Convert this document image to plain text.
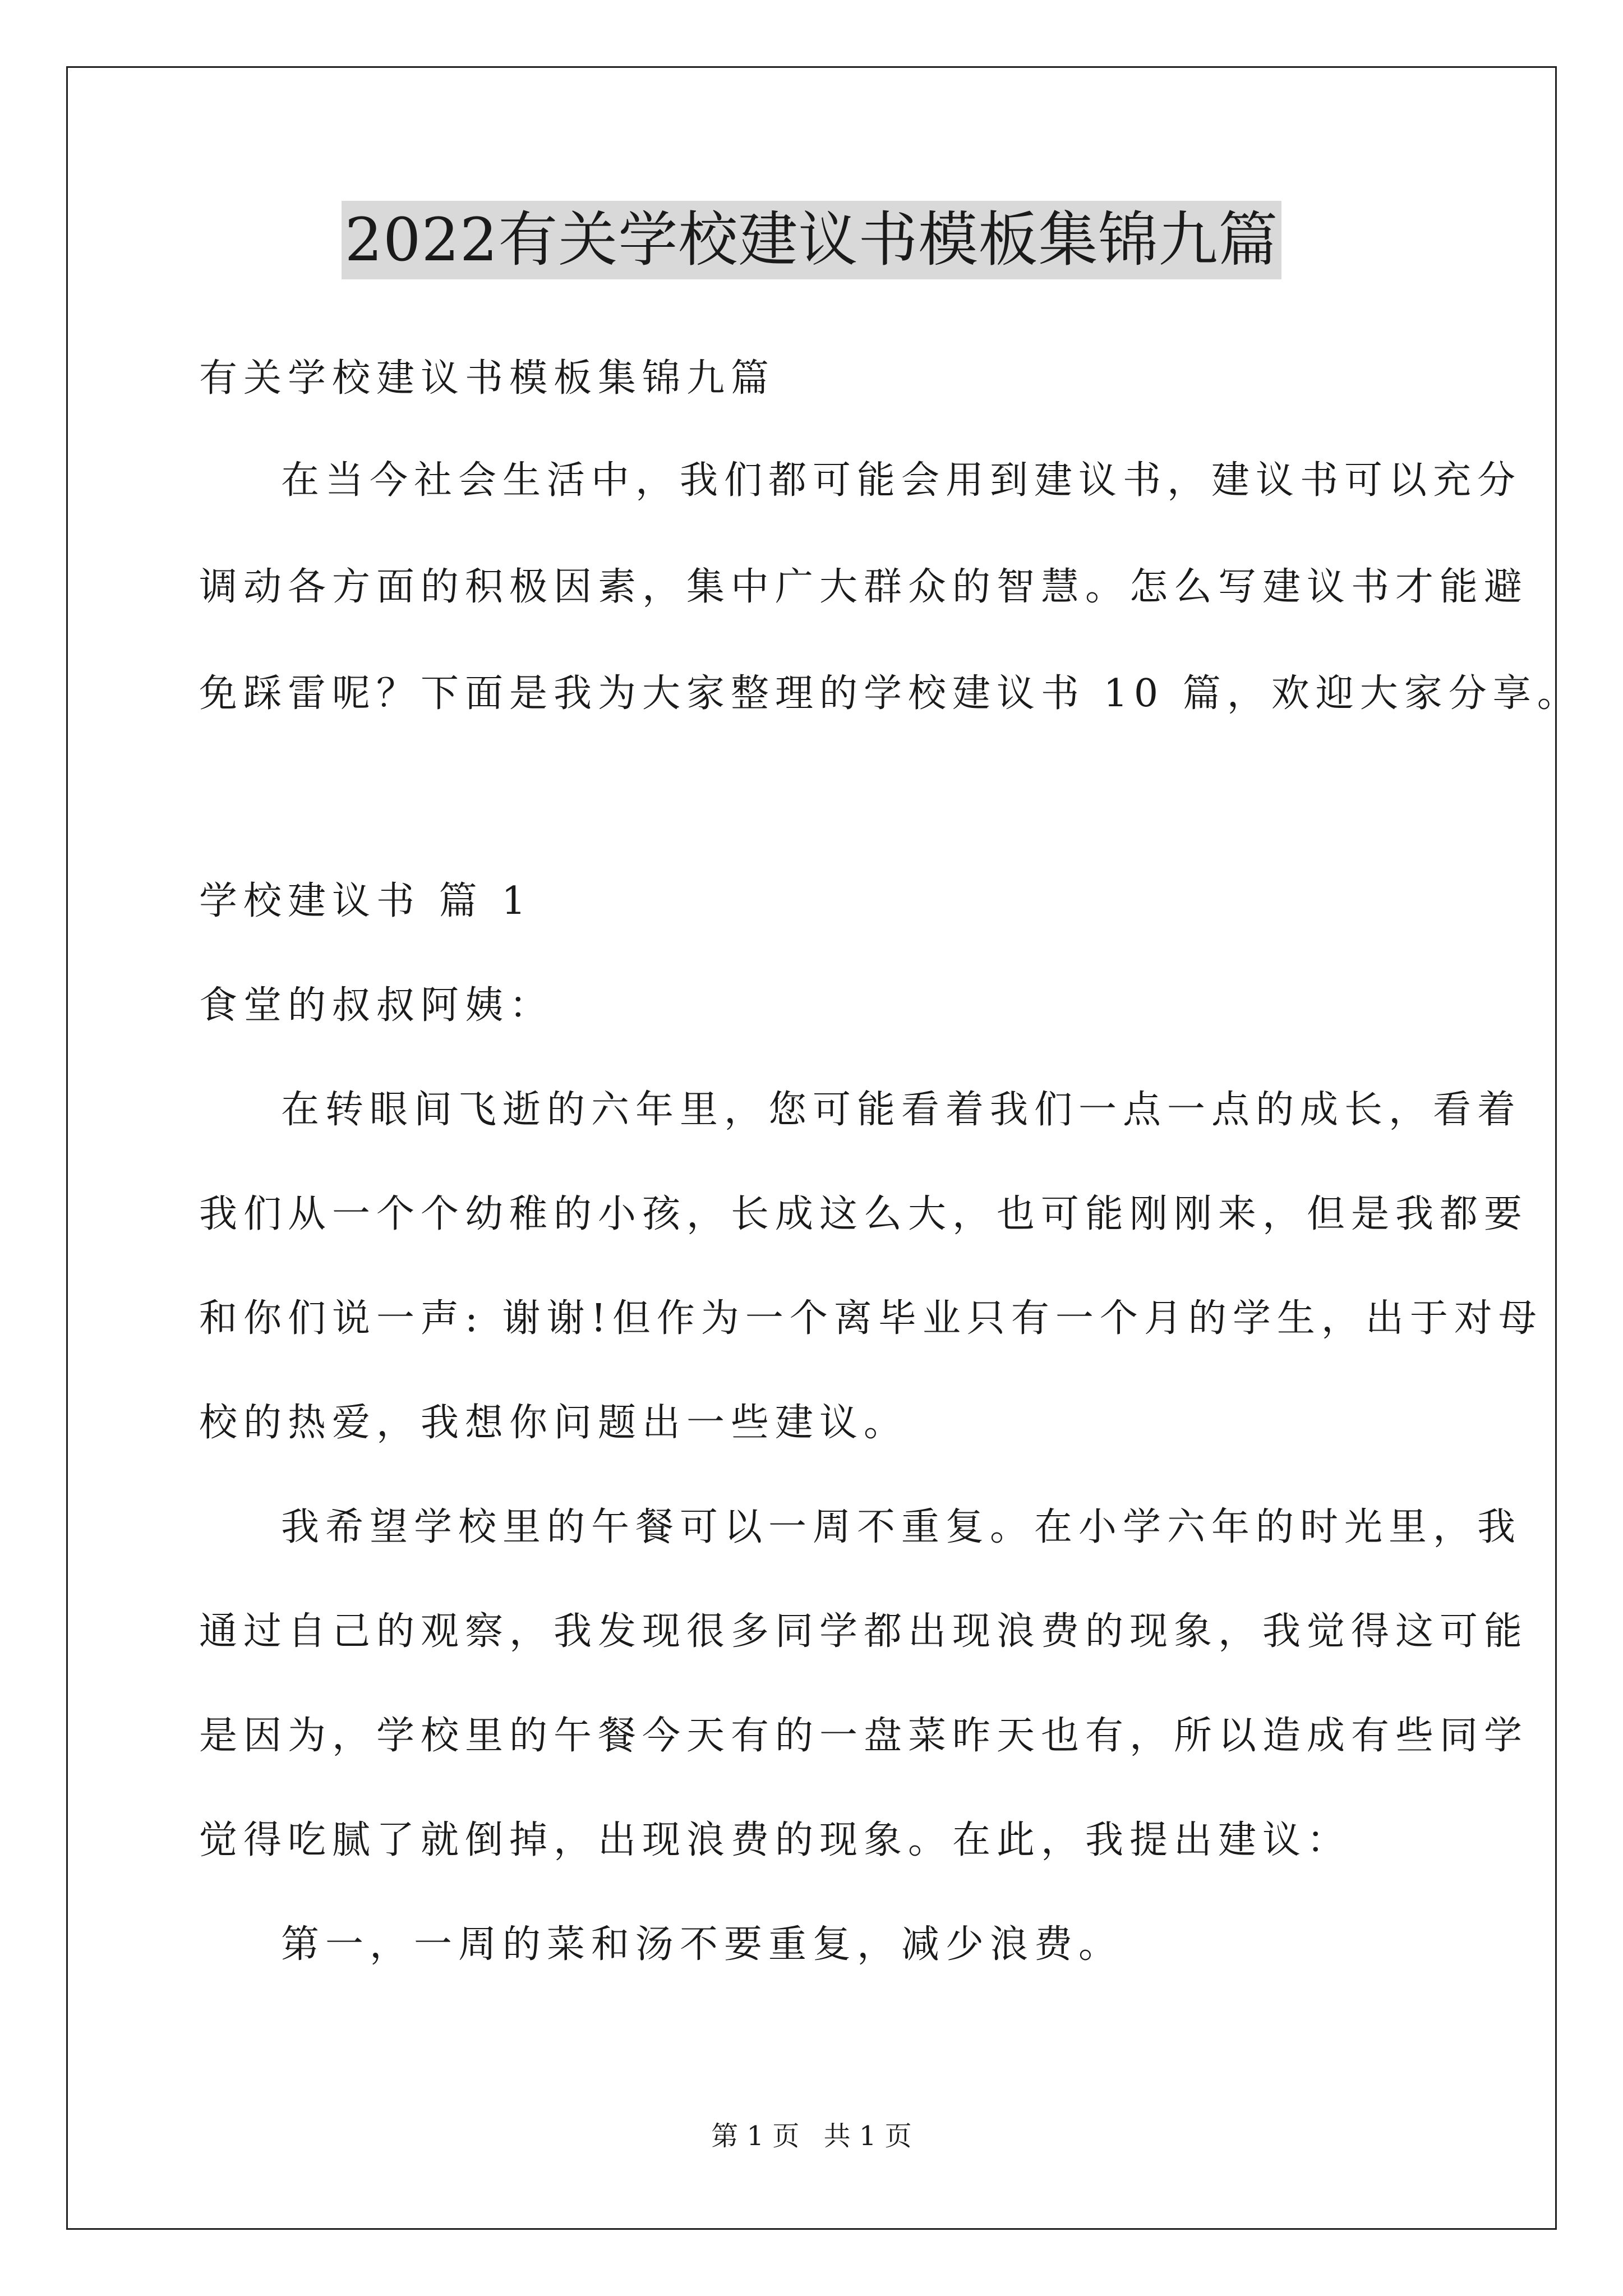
2022有关学校建议书模板集锦九篇
有关学校建议书模板集锦九篇
在当今社会生活中，我们都可能会用到建议书，建议书可以充分
调动各方面的积极因素，集中广大群众的智慧。怎么写建议书才能避
免踩雷呢？下面是我为大家整理的学校建议书 10 篇，欢迎大家分享。
学校建议书 篇 1
食堂的叔叔阿姨：
在转眼间飞逝的六年里，您可能看着我们一点一点的成长，看着
我们从一个个幼稚的小孩，长成这么大，也可能刚刚来，但是我都要
和你们说一声: 谢谢!但作为一个离毕业只有一个月的学生，出于对母
校的热爱，我想你问题出一些建议。
我希望学校里的午餐可以一周不重复。在小学六年的时光里，我
通过自己的观察，我发现很多同学都出现浪费的现象，我觉得这可能
是因为，学校里的午餐今天有的一盘菜昨天也有，所以造成有些同学
觉得吃腻了就倒掉，出现浪费的现象。在此，我提出建议：
第一，一周的菜和汤不要重复，减少浪费。
第 1 页 共 1 页
